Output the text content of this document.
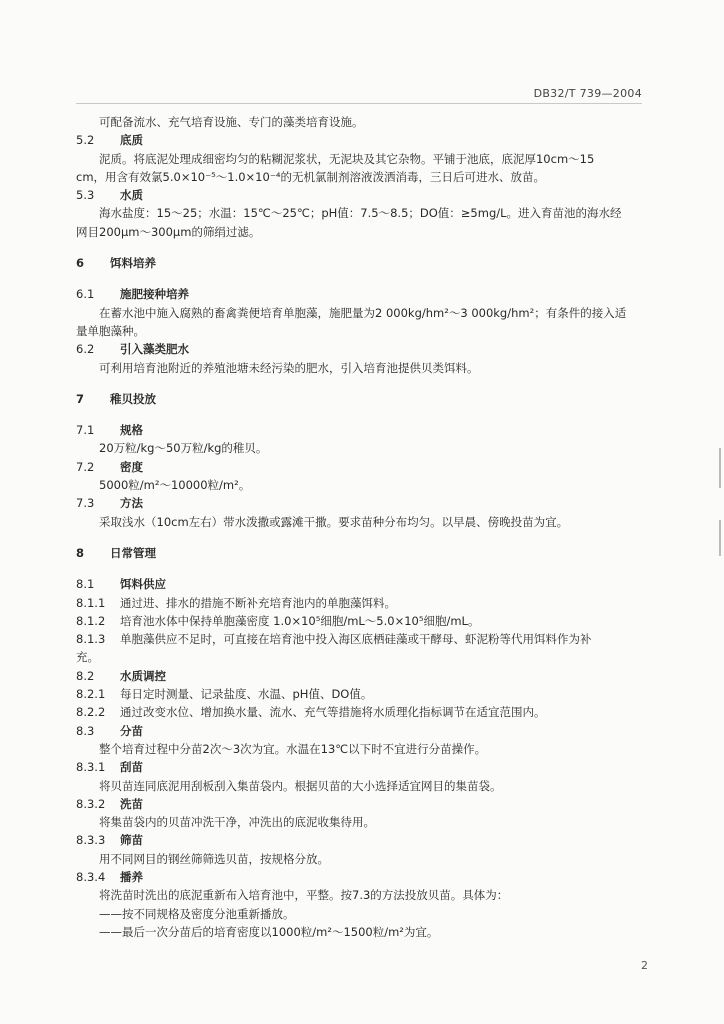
DB32/T 739—2004
可配备流水、充气培育设施、专门的藻类培育设施。
5.2 底质
泥质。将底泥处理成细密均匀的粘糊泥浆状，无泥块及其它杂物。平铺于池底，底泥厚10cm～15
cm，用含有效氯5.0×10⁻⁵～1.0×10⁻⁴的无机氯制剂溶液泼洒消毒，三日后可进水、放苗。
5.3 水质
海水盐度：15～25；水温：15℃～25℃；pH值：7.5～8.5；DO值：≥5mg/L。进入育苗池的海水经
网目200μm～300μm的筛绢过滤。
6 饵料培养
6.1 施肥接种培养
在蓄水池中施入腐熟的畜禽粪便培育单胞藻，施肥量为2 000kg/hm²～3 000kg/hm²；有条件的接入适
量单胞藻种。
6.2 引入藻类肥水
可利用培育池附近的养殖池塘未经污染的肥水，引入培育池提供贝类饵料。
7 稚贝投放
7.1 规格
20万粒/kg～50万粒/kg的稚贝。
7.2 密度
5000粒/m²～10000粒/m²。
7.3 方法
采取浅水（10cm左右）带水泼撒或露滩干撒。要求苗种分布均匀。以早晨、傍晚投苗为宜。
8 日常管理
8.1 饵料供应
8.1.1 通过进、排水的措施不断补充培育池内的单胞藻饵料。
8.1.2 培育池水体中保持单胞藻密度 1.0×10⁵细胞/mL～5.0×10⁵细胞/mL。
8.1.3 单胞藻供应不足时，可直接在培育池中投入海区底栖硅藻或干酵母、虾泥粉等代用饵料作为补
充。
8.2 水质调控
8.2.1 每日定时测量、记录盐度、水温、pH值、DO值。
8.2.2 通过改变水位、增加换水量、流水、充气等措施将水质理化指标调节在适宜范围内。
8.3 分苗
整个培育过程中分苗2次～3次为宜。水温在13℃以下时不宜进行分苗操作。
8.3.1 刮苗
将贝苗连同底泥用刮板刮入集苗袋内。根据贝苗的大小选择适宜网目的集苗袋。
8.3.2 洗苗
将集苗袋内的贝苗冲洗干净，冲洗出的底泥收集待用。
8.3.3 筛苗
用不同网目的钢丝筛筛选贝苗，按规格分放。
8.3.4 播养
将洗苗时洗出的底泥重新布入培育池中，平整。按7.3的方法投放贝苗。具体为：
——按不同规格及密度分池重新播放。
——最后一次分苗后的培育密度以1000粒/m²～1500粒/m²为宜。
2
